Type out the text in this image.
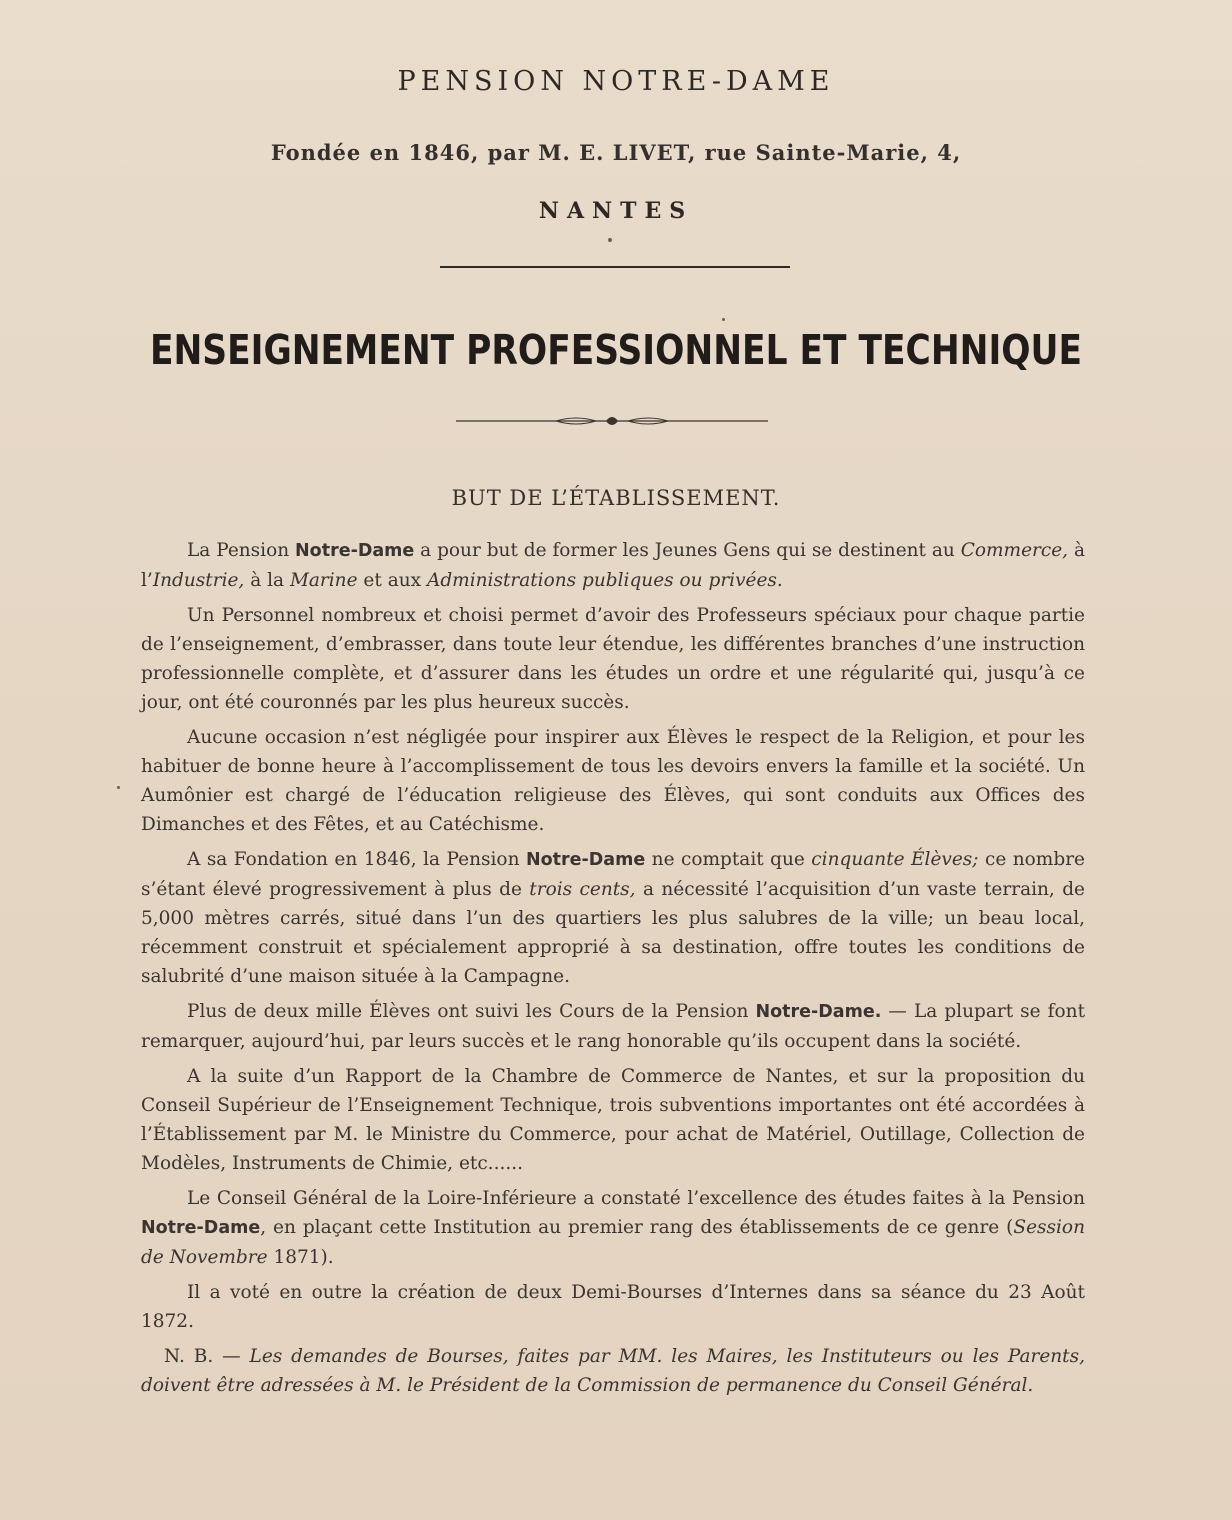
PENSION NOTRE-DAME
Fondée en 1846, par M. E. LIVET, rue Sainte-Marie, 4,
NANTES
ENSEIGNEMENT PROFESSIONNEL ET TECHNIQUE
BUT DE L’ÉTABLISSEMENT.

La Pension Notre-Dame a pour but de former les Jeunes Gens qui se destinent au Commerce, à l’Industrie, à la Marine et aux Administrations publiques ou privées.

Un Personnel nombreux et choisi permet d’avoir des Professeurs spéciaux pour chaque partie de l’enseignement, d’embrasser, dans toute leur étendue, les différentes branches d’une instruction professionnelle complète, et d’assurer dans les études un ordre et une régularité qui, jusqu’à ce jour, ont été couronnés par les plus heureux succès.

Aucune occasion n’est négligée pour inspirer aux Élèves le respect de la Religion, et pour les habituer de bonne heure à l’accomplissement de tous les devoirs envers la famille et la société. Un Aumônier est chargé de l’éducation religieuse des Élèves, qui sont conduits aux Offices des Dimanches et des Fêtes, et au Catéchisme.

A sa Fondation en 1846, la Pension Notre-Dame ne comptait que cinquante Élèves; ce nombre s’étant élevé progressivement à plus de trois cents, a nécessité l’acquisition d’un vaste terrain, de 5,000 mètres carrés, situé dans l’un des quartiers les plus salubres de la ville; un beau local, récemment construit et spécialement approprié à sa destination, offre toutes les conditions de salubrité d’une maison située à la Campagne.

Plus de deux mille Élèves ont suivi les Cours de la Pension Notre-Dame. — La plupart se font remarquer, aujourd’hui, par leurs succès et le rang honorable qu’ils occupent dans la société.

A la suite d’un Rapport de la Chambre de Commerce de Nantes, et sur la proposition du Conseil Supérieur de l’Enseignement Technique, trois subventions importantes ont été accordées à l’Établissement par M. le Ministre du Commerce, pour achat de Matériel, Outillage, Collection de Modèles, Instruments de Chimie, etc......

Le Conseil Général de la Loire-Inférieure a constaté l’excellence des études faites à la Pension Notre-Dame, en plaçant cette Institution au premier rang des établissements de ce genre (Session de Novembre 1871).

Il a voté en outre la création de deux Demi-Bourses d’Internes dans sa séance du 23 Août 1872.

N. B. — Les demandes de Bourses, faites par MM. les Maires, les Instituteurs ou les Parents, doivent être adressées à M. le Président de la Commission de permanence du Conseil Général.
